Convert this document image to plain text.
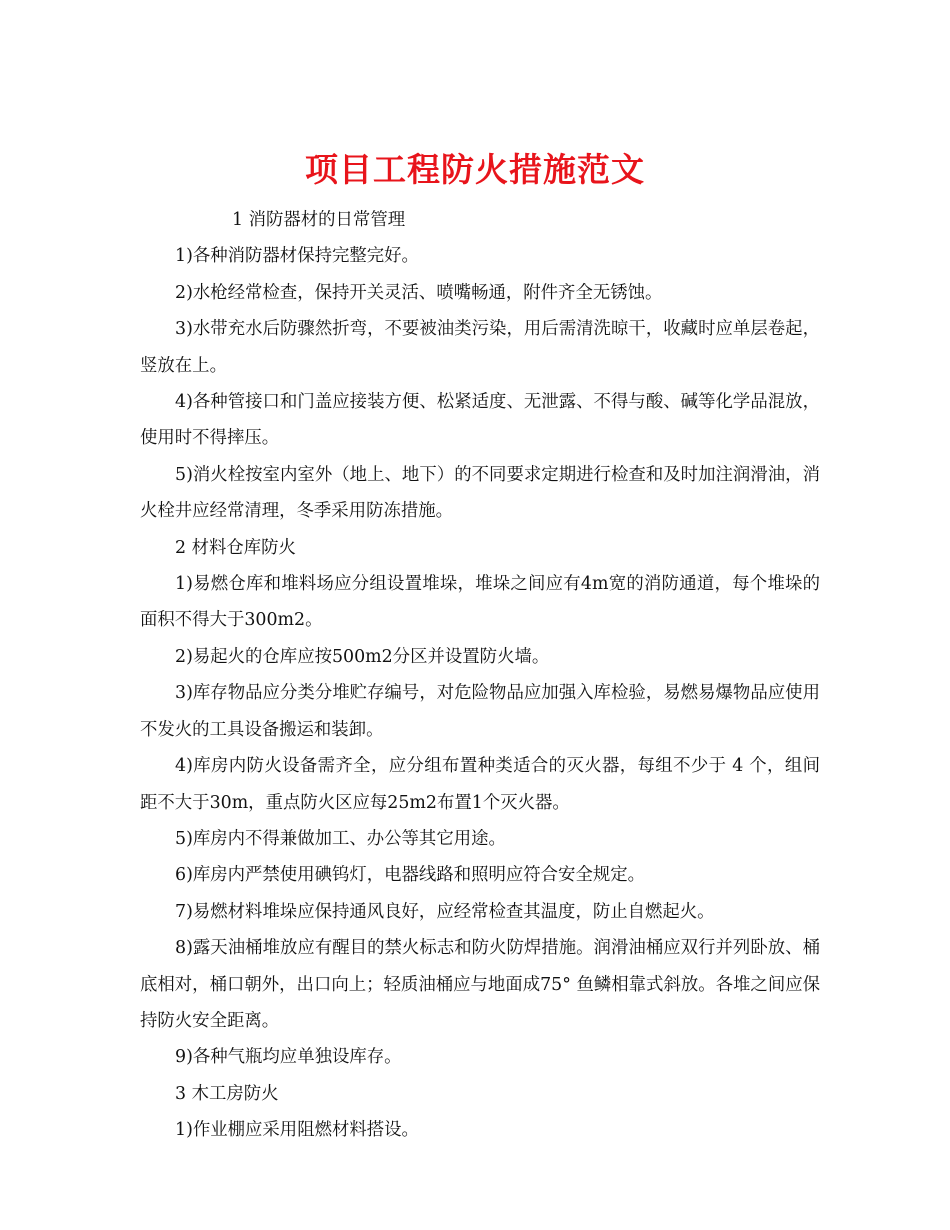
项目工程防火措施范文

1 消防器材的日常管理

1)各种消防器材保持完整完好。

2)水枪经常检查，保持开关灵活、喷嘴畅通，附件齐全无锈蚀。

3)水带充水后防骤然折弯，不要被油类污染，用后需清洗晾干，收藏时应单层卷起，竖放在上。

4)各种管接口和门盖应接装方便、松紧适度、无泄露、不得与酸、碱等化学品混放，使用时不得摔压。

5)消火栓按室内室外（地上、地下）的不同要求定期进行检查和及时加注润滑油，消火栓井应经常清理，冬季采用防冻措施。

2 材料仓库防火

1)易燃仓库和堆料场应分组设置堆垛，堆垛之间应有4m宽的消防通道，每个堆垛的面积不得大于300m2。

2)易起火的仓库应按500m2分区并设置防火墙。

3)库存物品应分类分堆贮存编号，对危险物品应加强入库检验，易燃易爆物品应使用不发火的工具设备搬运和装卸。

4)库房内防火设备需齐全，应分组布置种类适合的灭火器，每组不少于 4 个，组间距不大于30m，重点防火区应每25m2布置1个灭火器。

5)库房内不得兼做加工、办公等其它用途。

6)库房内严禁使用碘钨灯，电器线路和照明应符合安全规定。

7)易燃材料堆垛应保持通风良好，应经常检查其温度，防止自燃起火。

8)露天油桶堆放应有醒目的禁火标志和防火防焊措施。润滑油桶应双行并列卧放、桶底相对，桶口朝外，出口向上；轻质油桶应与地面成75° 鱼鳞相靠式斜放。各堆之间应保持防火安全距离。

9)各种气瓶均应单独设库存。

3 木工房防火

1)作业棚应采用阻燃材料搭设。
